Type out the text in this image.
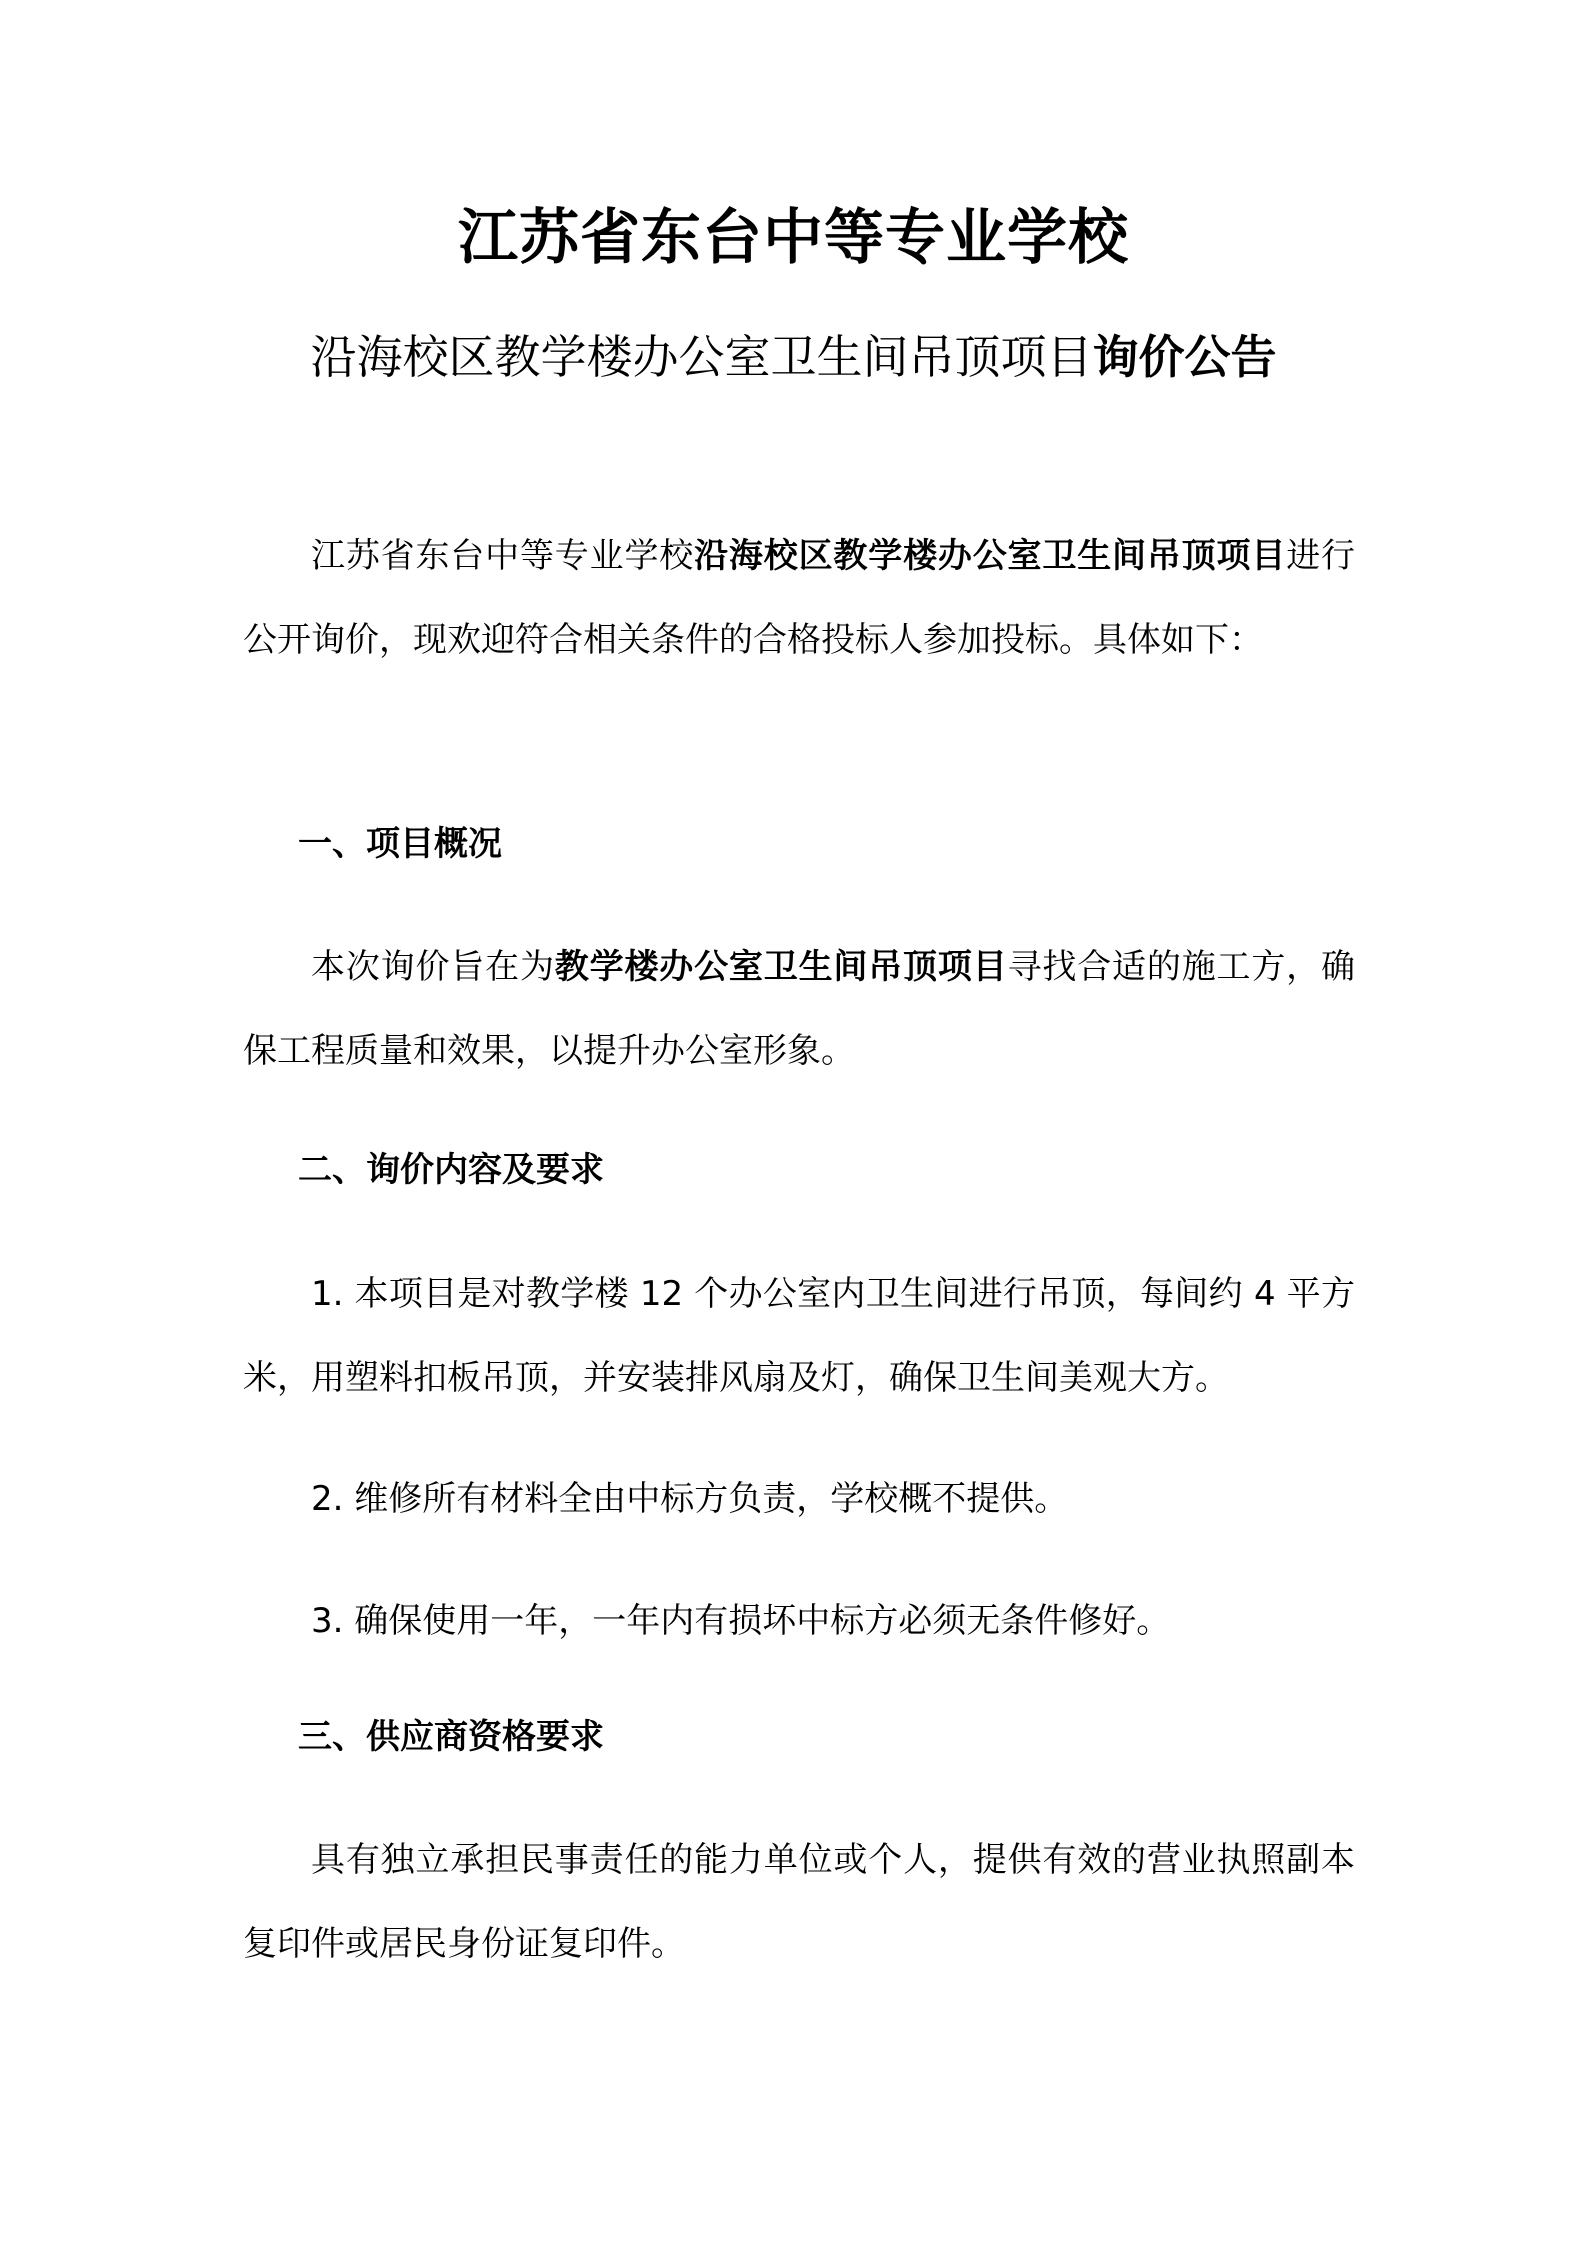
江苏省东台中等专业学校
沿海校区教学楼办公室卫生间吊顶项目询价公告

江苏省东台中等专业学校沿海校区教学楼办公室卫生间吊顶项目进行公开询价，现欢迎符合相关条件的合格投标人参加投标。具体如下：

一、项目概况

本次询价旨在为教学楼办公室卫生间吊顶项目寻找合适的施工方，确保工程质量和效果，以提升办公室形象。

二、询价内容及要求

1. 本项目是对教学楼 12 个办公室内卫生间进行吊顶，每间约 4 平方米，用塑料扣板吊顶，并安装排风扇及灯，确保卫生间美观大方。

2. 维修所有材料全由中标方负责，学校概不提供。

3. 确保使用一年，一年内有损坏中标方必须无条件修好。

三、供应商资格要求

具有独立承担民事责任的能力单位或个人，提供有效的营业执照副本复印件或居民身份证复印件。
